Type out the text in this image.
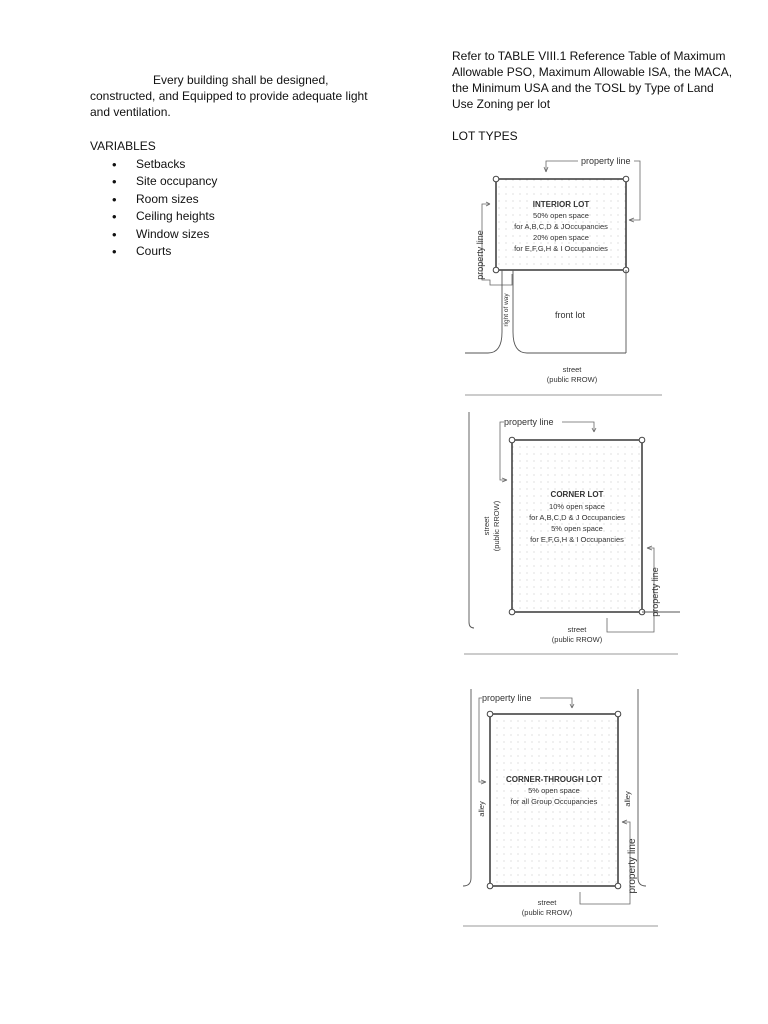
Every building shall be designed,
constructed, and Equipped to provide adequate light
and ventilation.
VARIABLES
• Setbacks
• Site occupancy
• Room sizes
• Ceiling heights
• Window sizes
• Courts
Refer to TABLE VIII.1 Reference Table of Maximum Allowable PSO, Maximum Allowable ISA, the MACA, the Minimum USA and the TOSL by Type of Land Use Zoning per lot
LOT TYPES
property line
property line
INTERIOR LOT
50% open space
for A,B,C,D & JOccupancies
20% open space
for E,F,G,H & I Occupancies
right of way	front lot
street
(public RROW)
property line
property line
street (public RROW)
CORNER LOT
10% open space
for A,B,C,D & J Occupancies
5% open space
for E,F,G,H & I Occupancies
street
(public RROW)
property line
alley
alley
property line
CORNER-THROUGH LOT
5% open space
for all Group Occupancies
street
(public RROW)
